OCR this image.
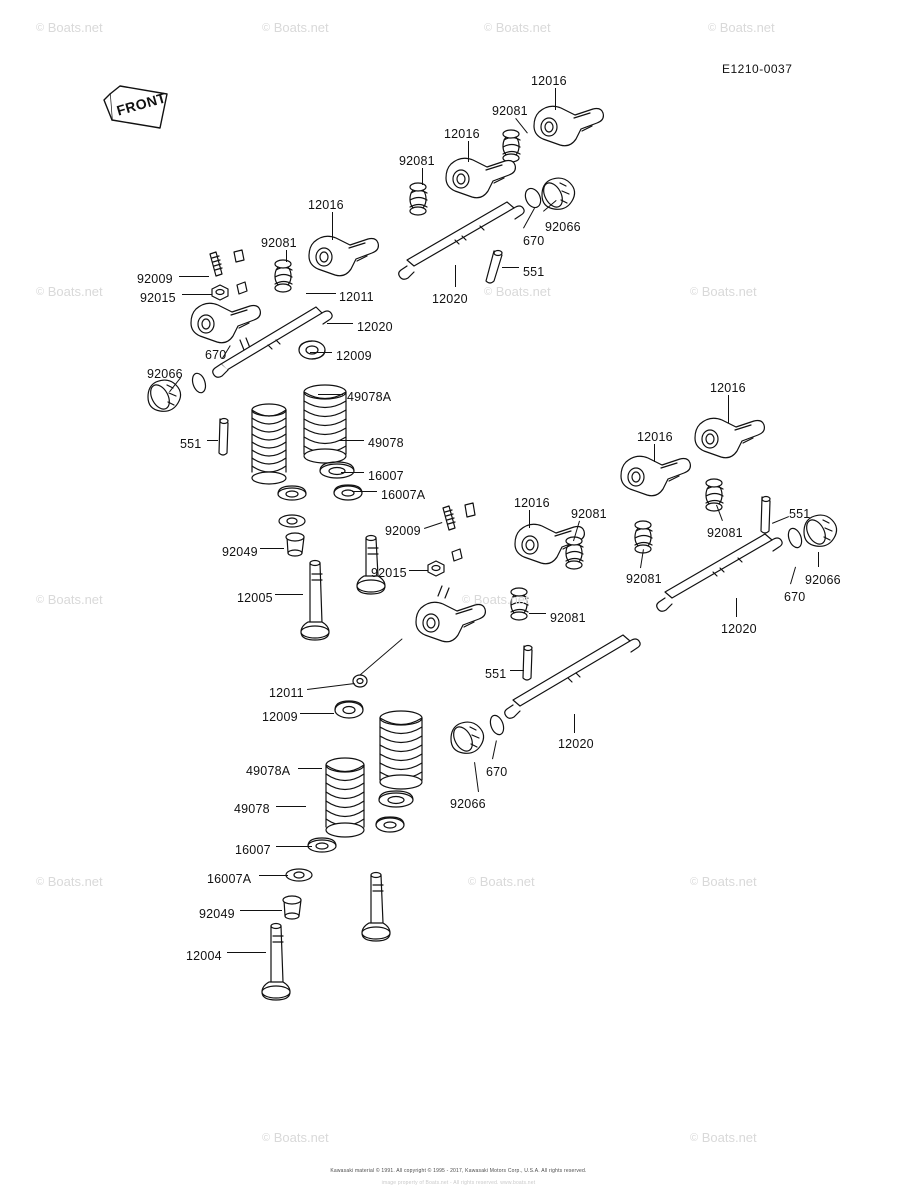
FRONT
E1210-0037
© Boats.net	© Boats.net	© Boats.net	© Boats.net
© Boats.net	© Boats.net	© Boats.net
© Boats.net	© Boats.net
© Boats.net	© Boats.net	© Boats.net
© Boats.net	© Boats.net
12016
92081
12016
92081
12016
92081
92066
670
551
12020
92009
92015	12011
12020
12009
670
92066
551
49078A
49078
16007
16007A
92049
12005
92009
92015
12016
92081
92081
92081
12016
12016
92081
551
92066
670
12020
551
12011
12009
12020
670
92066
49078A
49078
16007
16007A
92049
12004
Kawasaki material © 1991. All copyright © 1995 - 2017, Kawasaki Motors Corp., U.S.A. All rights reserved.
image property of Boats.net - All rights reserved. www.boats.net
